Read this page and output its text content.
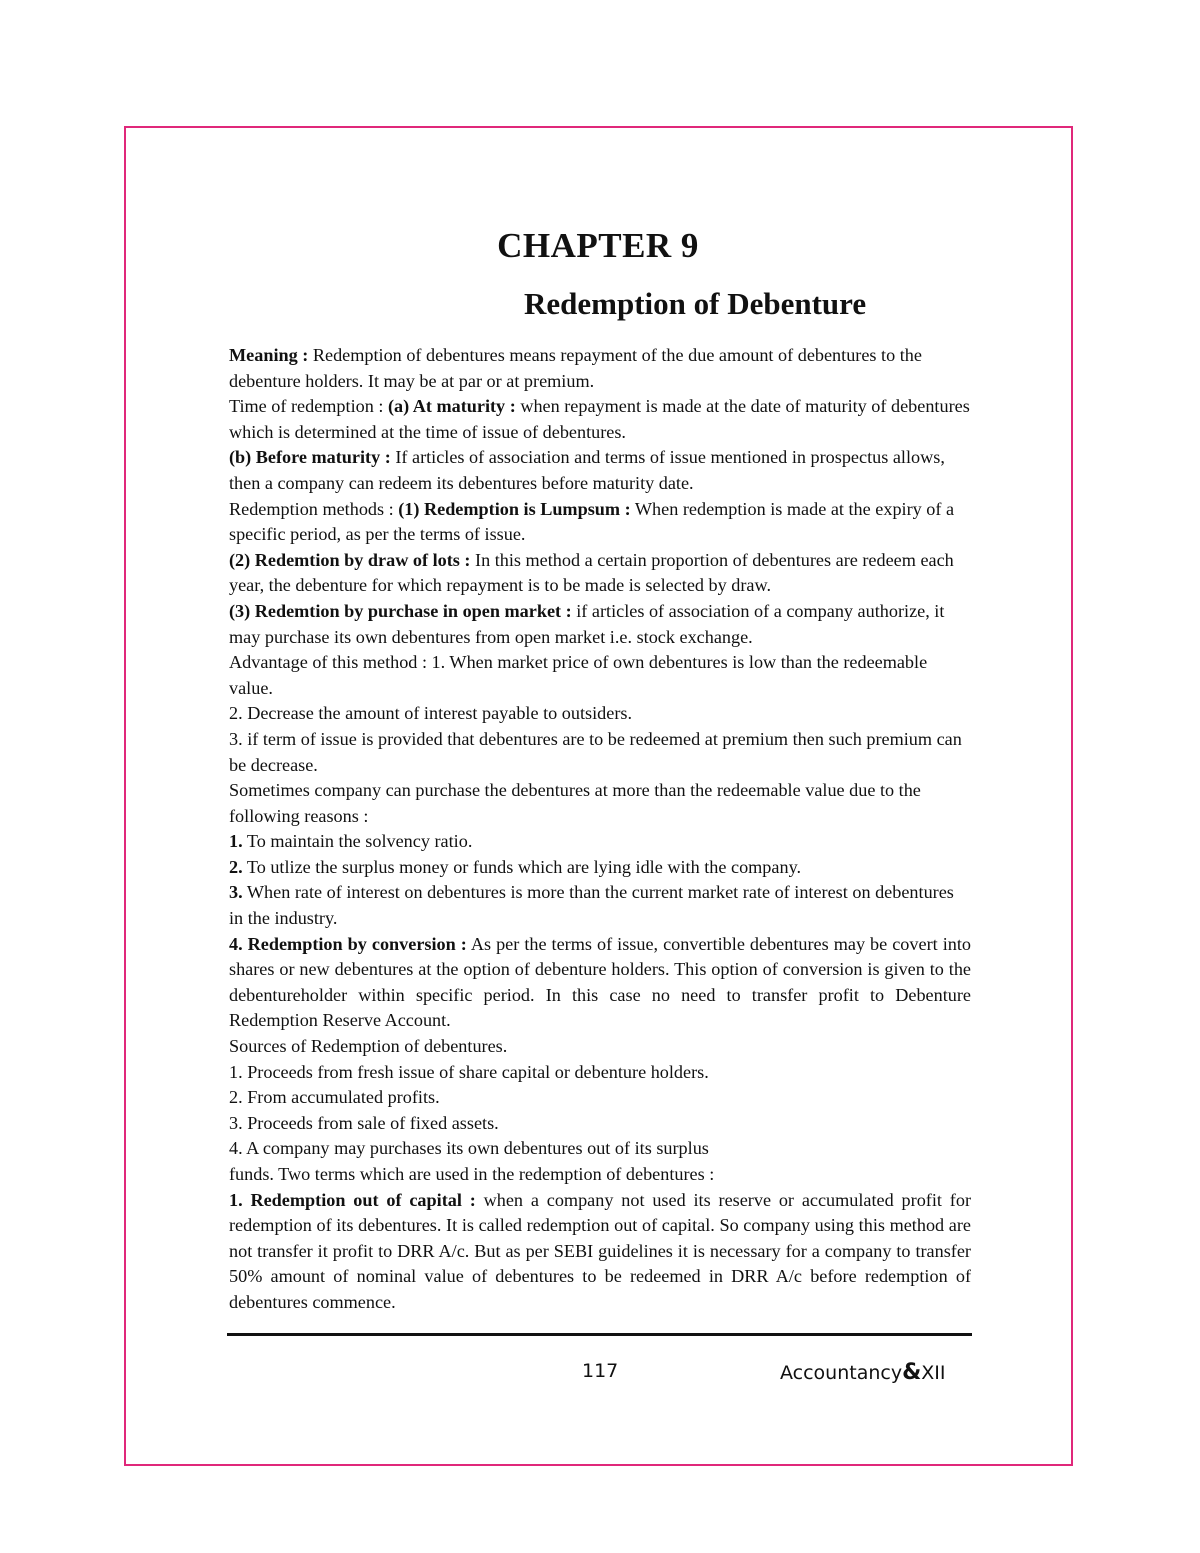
CHAPTER 9
Redemption of Debenture

Meaning : Redemption of debentures means repayment of the due amount of debentures to the debenture holders. It may be at par or at premium.

Time of redemption : (a) At maturity : when repayment is made at the date of maturity of debentures which is determined at the time of issue of debentures.

(b) Before maturity : If articles of association and terms of issue mentioned in prospectus allows, then a company can redeem its debentures before maturity date.

Redemption methods : (1) Redemption is Lumpsum : When redemption is made at the expiry of a specific period, as per the terms of issue.

(2) Redemtion by draw of lots : In this method a certain proportion of debentures are redeem each year, the debenture for which repayment is to be made is selected by draw.

(3) Redemtion by purchase in open market : if articles of association of a company authorize, it may purchase its own debentures from open market i.e. stock exchange.

Advantage of this method : 1. When market price of own debentures is low than the redeemable value.

2. Decrease the amount of interest payable to outsiders.

3. if term of issue is provided that debentures are to be redeemed at premium then such premium can be decrease.

Sometimes company can purchase the debentures at more than the redeemable value due to the following reasons :

1. To maintain the solvency ratio.

2. To utlize the surplus money or funds which are lying idle with the company.

3. When rate of interest on debentures is more than the current market rate of interest on debentures in the industry.

4. Redemption by conversion : As per the terms of issue, convertible debentures may be covert into shares or new debentures at the option of debenture holders. This option of conversion is given to the debentureholder within specific period. In this case no need to transfer profit to Debenture Redemption Reserve Account.

Sources of Redemption of debentures.

1. Proceeds from fresh issue of share capital or debenture holders.

2. From accumulated profits.

3. Proceeds from sale of fixed assets.

4. A company may purchases its own debentures out of its surplus

funds. Two terms which are used in the redemption of debentures :

1. Redemption out of capital : when a company not used its reserve or accumulated profit for redemption of its debentures. It is called redemption out of capital. So company using this method are not transfer it profit to DRR A/c. But as per SEBI guidelines it is necessary for a company to transfer 50% amount of nominal value of debentures to be redeemed in DRR A/c before redemption of debentures commence.

117	Accountancy&XII
